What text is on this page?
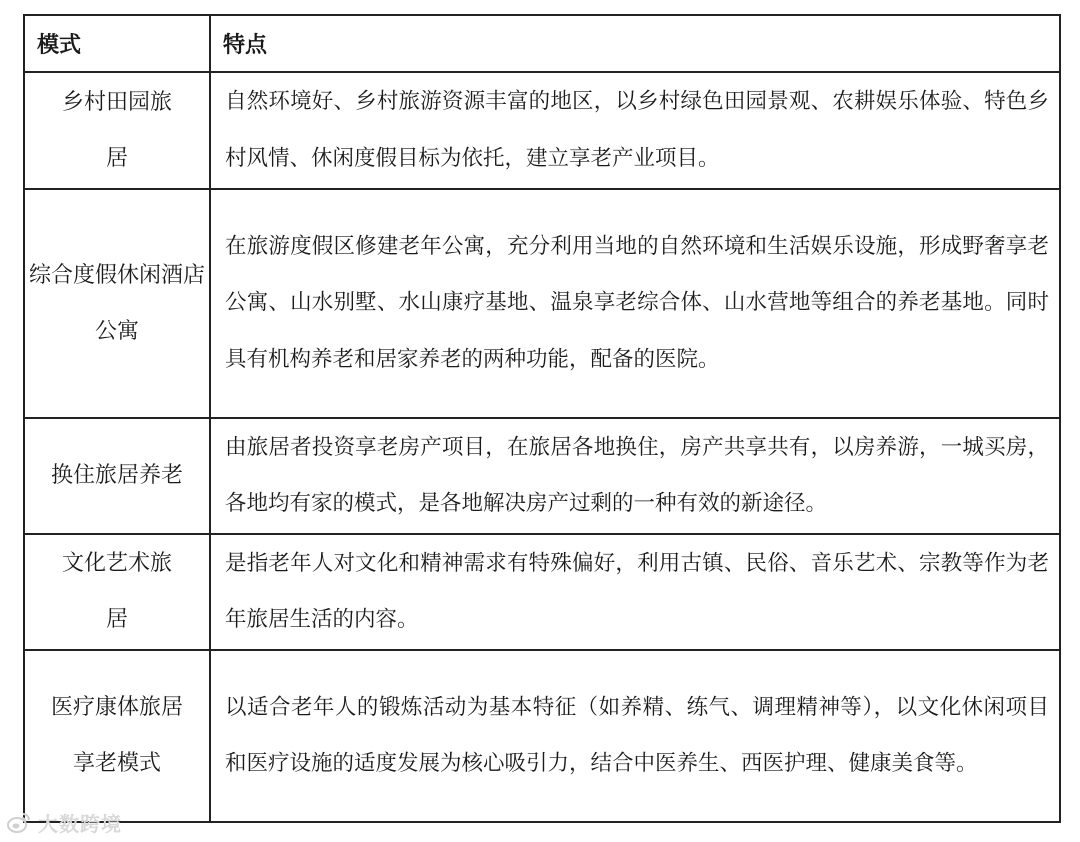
模式	特点
乡村田园旅居	自然环境好、乡村旅游资源丰富的地区，以乡村绿色田园景观、农耕娱乐体验、特色乡村风情、休闲度假目标为依托，建立享老产业项目。
综合度假休闲酒店公寓	在旅游度假区修建老年公寓，充分利用当地的自然环境和生活娱乐设施，形成野奢享老公寓、山水别墅、水山康疗基地、温泉享老综合体、山水营地等组合的养老基地。同时具有机构养老和居家养老的两种功能，配备的医院。
换住旅居养老	由旅居者投资享老房产项目，在旅居各地换住，房产共享共有，以房养游，一城买房，各地均有家的模式，是各地解决房产过剩的一种有效的新途径。
文化艺术旅居	是指老年人对文化和精神需求有特殊偏好，利用古镇、民俗、音乐艺术、宗教等作为老年旅居生活的内容。
医疗康体旅居享老模式	以适合老年人的锻炼活动为基本特征（如养精、练气、调理精神等），以文化休闲项目和医疗设施的适度发展为核心吸引力，结合中医养生、西医护理、健康美食等。
大数跨境
